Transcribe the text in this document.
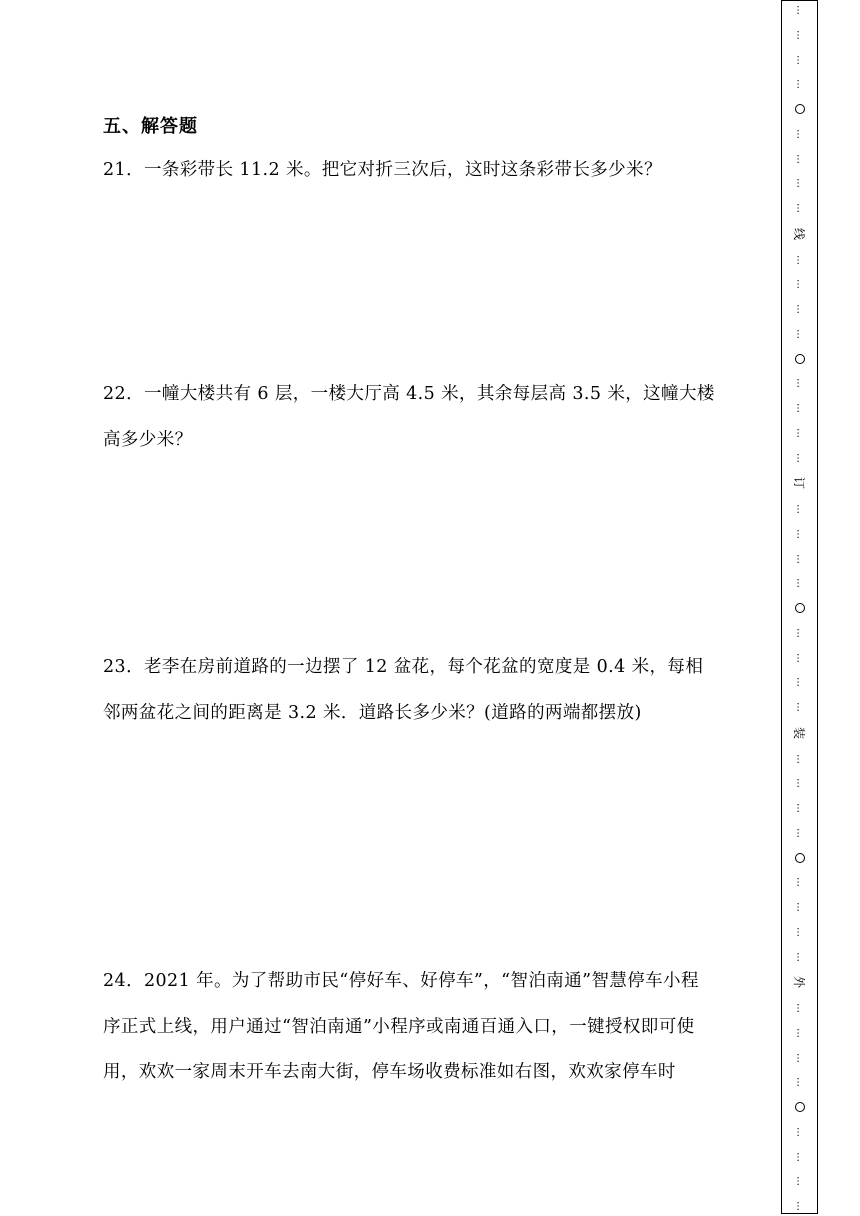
五、解答题
21．一条彩带长 11.2 米。把它对折三次后，这时这条彩带长多少米？
22．一幢大楼共有 6 层，一楼大厅高 4.5 米，其余每层高 3.5 米，这幢大楼
高多少米？
23．老李在房前道路的一边摆了 12 盆花，每个花盆的宽度是 0.4 米，每相
邻两盆花之间的距离是 3.2 米．道路长多少米？(道路的两端都摆放)
24．2021 年。为了帮助市民“停好车、好停车”，“智泊南通”智慧停车小程
序正式上线，用户通过“智泊南通”小程序或南通百通入口，一键授权即可使
用，欢欢一家周末开车去南大街，停车场收费标准如右图，欢欢家停车时
…
…
…
…
…
…
…
…
线
…
…
…
…
…
…
…
…
订
…
…
…
…
…
…
…
…
装
…
…
…
…
…
…
…
…
外
…
…
…
…
…
…
…
…
